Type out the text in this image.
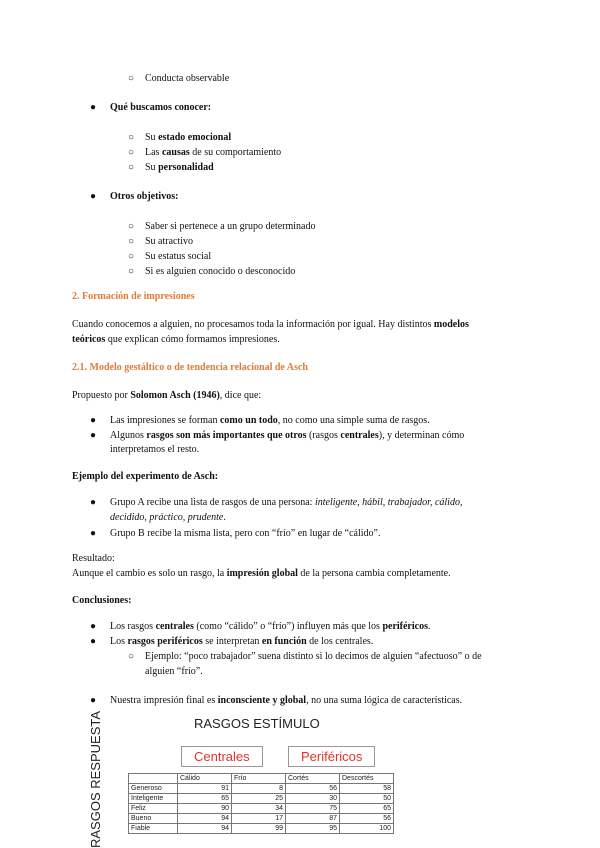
○ Conducta observable
● Qué buscamos conocer:
○ Su estado emocional
○ Las causas de su comportamiento
○ Su personalidad
● Otros objetivos:
○ Saber si pertenece a un grupo determinado
○ Su atractivo
○ Su estatus social
○ Si es alguien conocido o desconocido
2. Formación de impresiones
Cuando conocemos a alguien, no procesamos toda la información por igual. Hay distintos modelos
teóricos que explican cómo formamos impresiones.
2.1. Modelo gestáltico o de tendencia relacional de Asch
Propuesto por Solomon Asch (1946), dice que:
● Las impresiones se forman como un todo, no como una simple suma de rasgos.
● Algunos rasgos son más importantes que otros (rasgos centrales), y determinan cómo
interpretamos el resto.
Ejemplo del experimento de Asch:
● Grupo A recibe una lista de rasgos de una persona: inteligente, hábil, trabajador, cálido,
decidido, práctico, prudente.
● Grupo B recibe la misma lista, pero con “frío” en lugar de “cálido”.
Resultado:
Aunque el cambio es solo un rasgo, la impresión global de la persona cambia completamente.
Conclusiones:
● Los rasgos centrales (como “cálido” o “frío”) influyen más que los periféricos.
● Los rasgos periféricos se interpretan en función de los centrales.
○ Ejemplo: “poco trabajador” suena distinto si lo decimos de alguien “afectuoso” o de
alguien “frío”.
● Nuestra impresión final es inconsciente y global, no una suma lógica de características.
RASGOS ESTÍMULO
RASGOS RESPUESTA	Centrales	Periféricos
	Cálido	Frío	Cortés	Descortés
Generoso	91	8	56	58
Inteligente	65	25	30	50
Feliz	90	34	75	65
Bueno	94	17	87	56
Fiable	94	99	95	100
